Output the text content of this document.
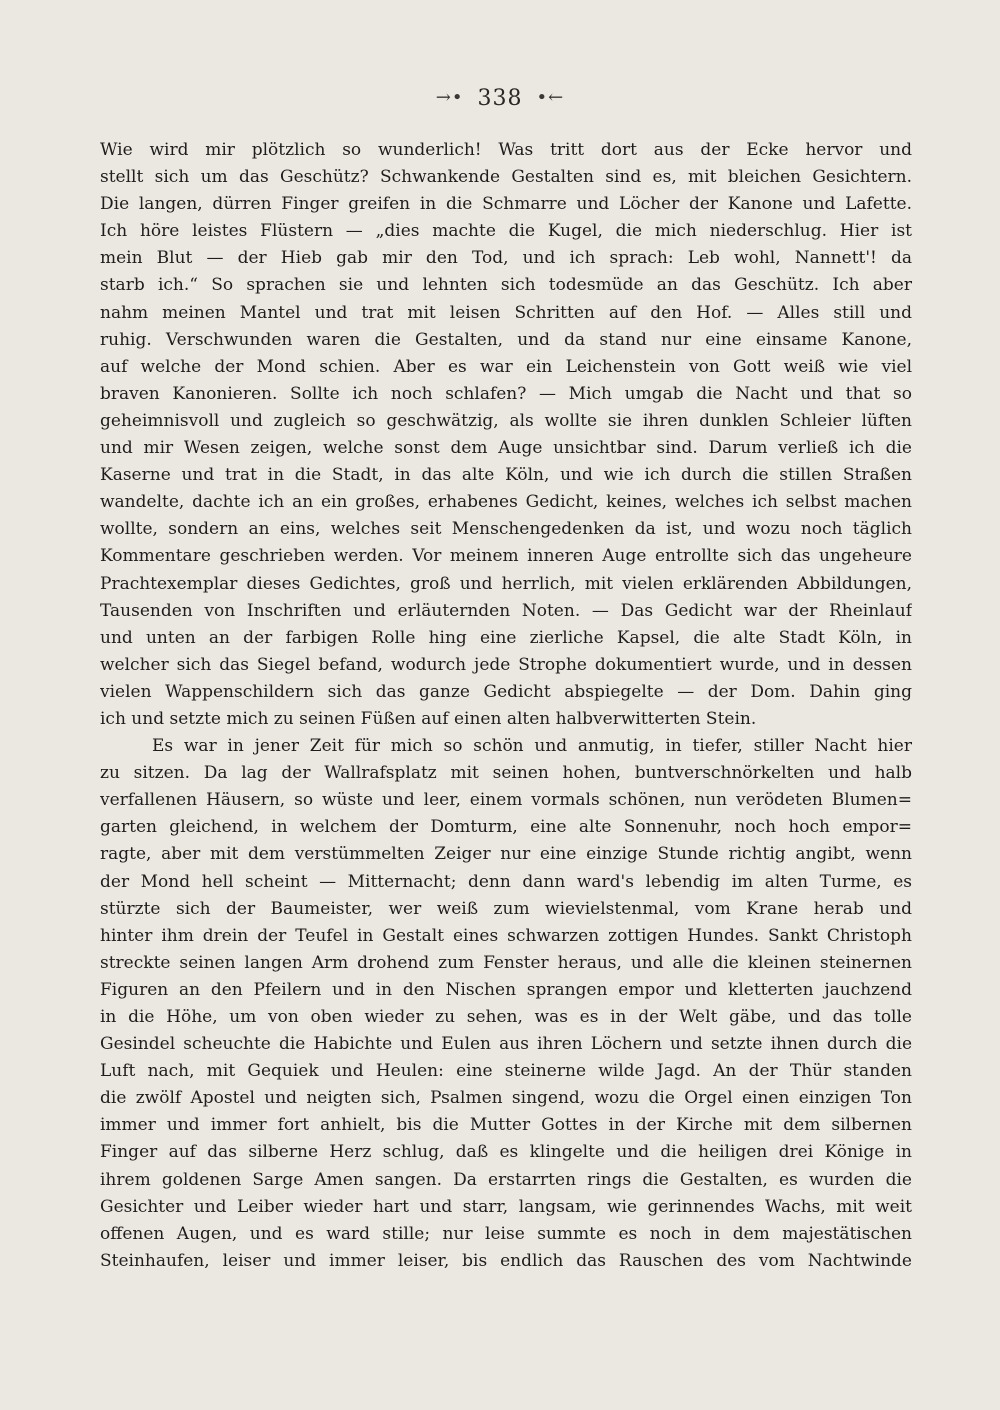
→• 338 •←

Wie wird mir plötzlich so wunderlich! Was tritt dort aus der Ecke hervor und
stellt sich um das Geschütz? Schwankende Gestalten sind es, mit bleichen Gesichtern.
Die langen, dürren Finger greifen in die Schmarre und Löcher der Kanone und Lafette.
Ich höre leistes Flüstern — „dies machte die Kugel, die mich niederschlug. Hier ist
mein Blut — der Hieb gab mir den Tod, und ich sprach: Leb wohl, Nannett'! da
starb ich.“ So sprachen sie und lehnten sich todesmüde an das Geschütz. Ich aber
nahm meinen Mantel und trat mit leisen Schritten auf den Hof. — Alles still und
ruhig. Verschwunden waren die Gestalten, und da stand nur eine einsame Kanone,
auf welche der Mond schien. Aber es war ein Leichenstein von Gott weiß wie viel
braven Kanonieren. Sollte ich noch schlafen? — Mich umgab die Nacht und that so
geheimnisvoll und zugleich so geschwätzig, als wollte sie ihren dunklen Schleier lüften
und mir Wesen zeigen, welche sonst dem Auge unsichtbar sind. Darum verließ ich die
Kaserne und trat in die Stadt, in das alte Köln, und wie ich durch die stillen Straßen
wandelte, dachte ich an ein großes, erhabenes Gedicht, keines, welches ich selbst machen
wollte, sondern an eins, welches seit Menschengedenken da ist, und wozu noch täglich
Kommentare geschrieben werden. Vor meinem inneren Auge entrollte sich das ungeheure
Prachtexemplar dieses Gedichtes, groß und herrlich, mit vielen erklärenden Abbildungen,
Tausenden von Inschriften und erläuternden Noten. — Das Gedicht war der Rheinlauf
und unten an der farbigen Rolle hing eine zierliche Kapsel, die alte Stadt Köln, in
welcher sich das Siegel befand, wodurch jede Strophe dokumentiert wurde, und in dessen
vielen Wappenschildern sich das ganze Gedicht abspiegelte — der Dom. Dahin ging
ich und setzte mich zu seinen Füßen auf einen alten halbverwitterten Stein.

Es war in jener Zeit für mich so schön und anmutig, in tiefer, stiller Nacht hier
zu sitzen. Da lag der Wallrafsplatz mit seinen hohen, buntverschnörkelten und halb
verfallenen Häusern, so wüste und leer, einem vormals schönen, nun verödeten Blumen=
garten gleichend, in welchem der Domturm, eine alte Sonnenuhr, noch hoch empor=
ragte, aber mit dem verstümmelten Zeiger nur eine einzige Stunde richtig angibt, wenn
der Mond hell scheint — Mitternacht; denn dann ward's lebendig im alten Turme, es
stürzte sich der Baumeister, wer weiß zum wievielstenmal, vom Krane herab und
hinter ihm drein der Teufel in Gestalt eines schwarzen zottigen Hundes. Sankt Christoph
streckte seinen langen Arm drohend zum Fenster heraus, und alle die kleinen steinernen
Figuren an den Pfeilern und in den Nischen sprangen empor und kletterten jauchzend
in die Höhe, um von oben wieder zu sehen, was es in der Welt gäbe, und das tolle
Gesindel scheuchte die Habichte und Eulen aus ihren Löchern und setzte ihnen durch die
Luft nach, mit Gequiek und Heulen: eine steinerne wilde Jagd. An der Thür standen
die zwölf Apostel und neigten sich, Psalmen singend, wozu die Orgel einen einzigen Ton
immer und immer fort anhielt, bis die Mutter Gottes in der Kirche mit dem silbernen
Finger auf das silberne Herz schlug, daß es klingelte und die heiligen drei Könige in
ihrem goldenen Sarge Amen sangen. Da erstarrten rings die Gestalten, es wurden die
Gesichter und Leiber wieder hart und starr, langsam, wie gerinnendes Wachs, mit weit
offenen Augen, und es ward stille; nur leise summte es noch in dem majestätischen
Steinhaufen, leiser und immer leiser, bis endlich das Rauschen des vom Nachtwinde
